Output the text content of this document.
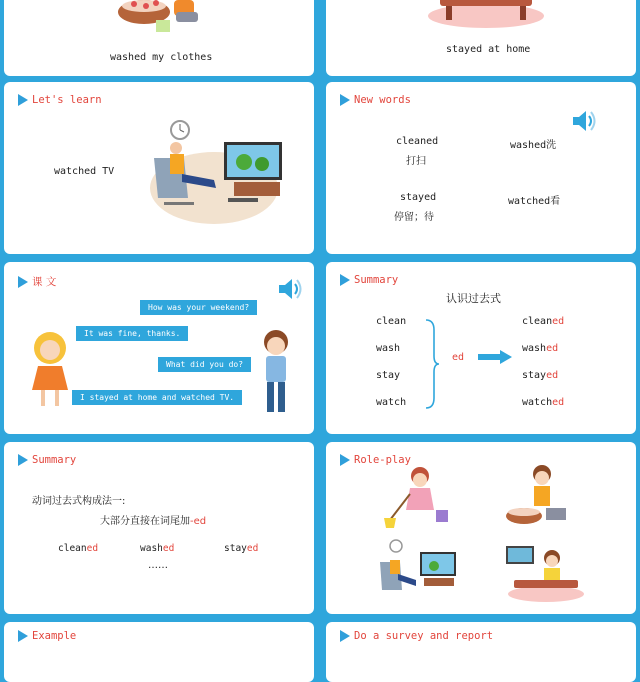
washed my clothes
stayed at home
Let's learn
watched TV
New words
cleaned
打扫
washed洗
stayed
停留；待
watched看
课 文
How was your weekend?
It was fine, thanks.
What did you do?
I stayed at home and watched TV.
Summary
认识过去式
clean
wash
stay
watch
ed
cleaned
washed
stayed
watched
Summary
动词过去式构成法一:
大部分直接在词尾加-ed
cleaned	washed	stayed
……
Role-play
Example	Do a survey and report
